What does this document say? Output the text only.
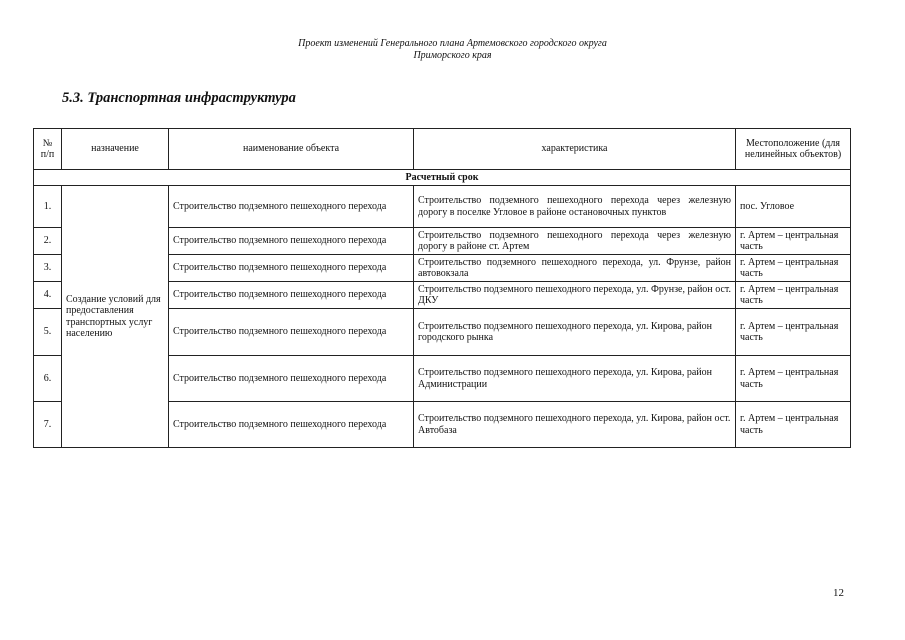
Проект изменений Генерального плана Артемовского городского округа
Приморского края
5.3. Транспортная инфраструктура
№ п/п	назначение	наименование объекта	характеристика	Местоположение (для нелинейных объектов)
Расчетный срок				
1.	Создание условий для предоставления транспортных услуг населению	Строительство подземного пешеходного перехода	Строительство подземного пешеходного перехода через железную дорогу в поселке Угловое в районе остановочных пунктов	пос. Угловое
2.		Строительство подземного пешеходного перехода	Строительство подземного пешеходного перехода через железную дорогу в районе ст. Артем	г. Артем – центральная часть
3.		Строительство подземного пешеходного перехода	Строительство подземного пешеходного перехода, ул. Фрунзе, район автовокзала	г. Артем – центральная часть
4.		Строительство подземного пешеходного перехода	Строительство подземного пешеходного перехода, ул. Фрунзе, район ост. ДКУ	г. Артем – центральная часть
5.		Строительство подземного пешеходного перехода	Строительство подземного пешеходного перехода, ул. Кирова, район городского рынка	г. Артем – центральная часть
6.		Строительство подземного пешеходного перехода	Строительство подземного пешеходного перехода, ул. Кирова, район Администрации	г. Артем – центральная часть
7.		Строительство подземного пешеходного перехода	Строительство подземного пешеходного перехода, ул. Кирова, район ост. Автобаза	г. Артем – центральная часть
12
